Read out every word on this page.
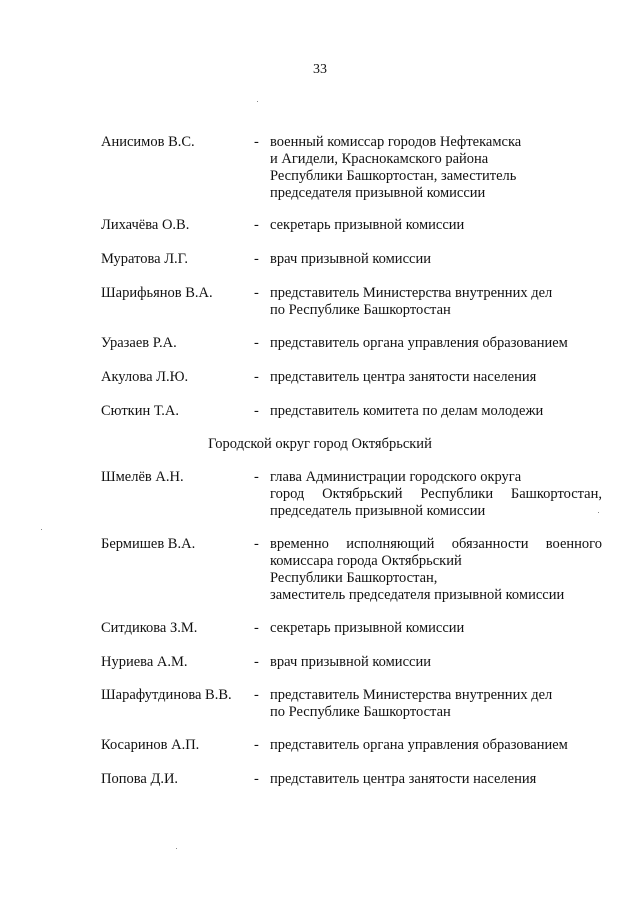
33
Анисимов В.С.	- военный комиссар городов Нефтекамска
и Агидели, Краснокамского района
Республики Башкортостан, заместитель
председателя призывной комиссии
Лихачёва О.В.	- секретарь призывной комиссии
Муратова Л.Г.	- врач призывной комиссии
Шарифьянов В.А.	- представитель Министерства внутренних дел
по Республике Башкортостан
Уразаев Р.А.	- представитель органа управления образованием
Акулова Л.Ю.	- представитель центра занятости населения
Сюткин Т.А.	- представитель комитета по делам молодежи
Городской округ город Октябрьский
Шмелёв А.Н.	- глава Администрации городского округа
город Октябрьский Республики Башкортостан,
председатель призывной комиссии
Бермишев В.А.	- временно исполняющий обязанности военного
комиссара города Октябрьский
Республики Башкортостан,
заместитель председателя призывной комиссии
Ситдикова З.М.	- секретарь призывной комиссии
Нуриева А.М.	- врач призывной комиссии
Шарафутдинова В.В. - представитель Министерства внутренних дел
по Республике Башкортостан
Косаринов А.П.	- представитель органа управления образованием
Попова Д.И.	- представитель центра занятости населения
